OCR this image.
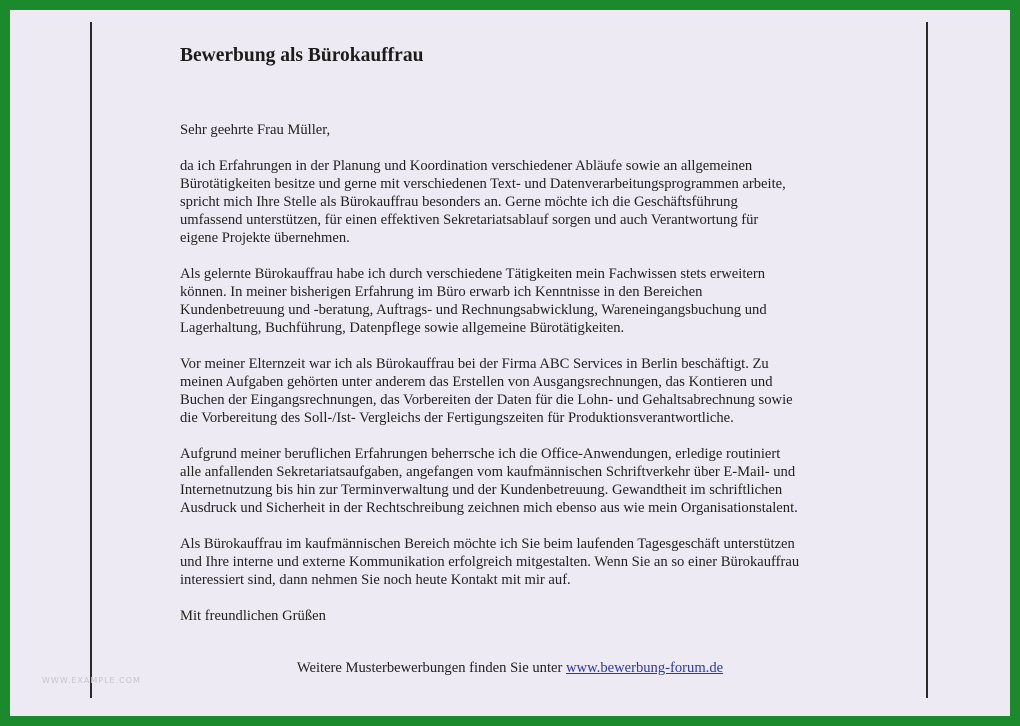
Bewerbung als Bürokauffrau

Sehr geehrte Frau Müller,

da ich Erfahrungen in der Planung und Koordination verschiedener Abläufe sowie an allgemeinen
Bürotätigkeiten besitze und gerne mit verschiedenen Text- und Datenverarbeitungsprogrammen arbeite,
spricht mich Ihre Stelle als Bürokauffrau besonders an. Gerne möchte ich die Geschäftsführung
umfassend unterstützen, für einen effektiven Sekretariatsablauf sorgen und auch Verantwortung für
eigene Projekte übernehmen.

Als gelernte Bürokauffrau habe ich durch verschiedene Tätigkeiten mein Fachwissen stets erweitern
können. In meiner bisherigen Erfahrung im Büro erwarb ich Kenntnisse in den Bereichen
Kundenbetreuung und -beratung, Auftrags- und Rechnungsabwicklung, Wareneingangsbuchung und
Lagerhaltung, Buchführung, Datenpflege sowie allgemeine Bürotätigkeiten.

Vor meiner Elternzeit war ich als Bürokauffrau bei der Firma ABC Services in Berlin beschäftigt. Zu
meinen Aufgaben gehörten unter anderem das Erstellen von Ausgangsrechnungen, das Kontieren und
Buchen der Eingangsrechnungen, das Vorbereiten der Daten für die Lohn- und Gehaltsabrechnung sowie
die Vorbereitung des Soll-/Ist- Vergleichs der Fertigungszeiten für Produktionsverantwortliche.

Aufgrund meiner beruflichen Erfahrungen beherrsche ich die Office-Anwendungen, erledige routiniert
alle anfallenden Sekretariatsaufgaben, angefangen vom kaufmännischen Schriftverkehr über E-Mail- und
Internetnutzung bis hin zur Terminverwaltung und der Kundenbetreuung. Gewandtheit im schriftlichen
Ausdruck und Sicherheit in der Rechtschreibung zeichnen mich ebenso aus wie mein Organisationstalent.

Als Bürokauffrau im kaufmännischen Bereich möchte ich Sie beim laufenden Tagesgeschäft unterstützen
und Ihre interne und externe Kommunikation erfolgreich mitgestalten. Wenn Sie an so einer Bürokauffrau
interessiert sind, dann nehmen Sie noch heute Kontakt mit mir auf.

Mit freundlichen Grüßen

Weitere Musterbewerbungen finden Sie unter www.bewerbung-forum.de
WWW.EXAMPLE.COM
